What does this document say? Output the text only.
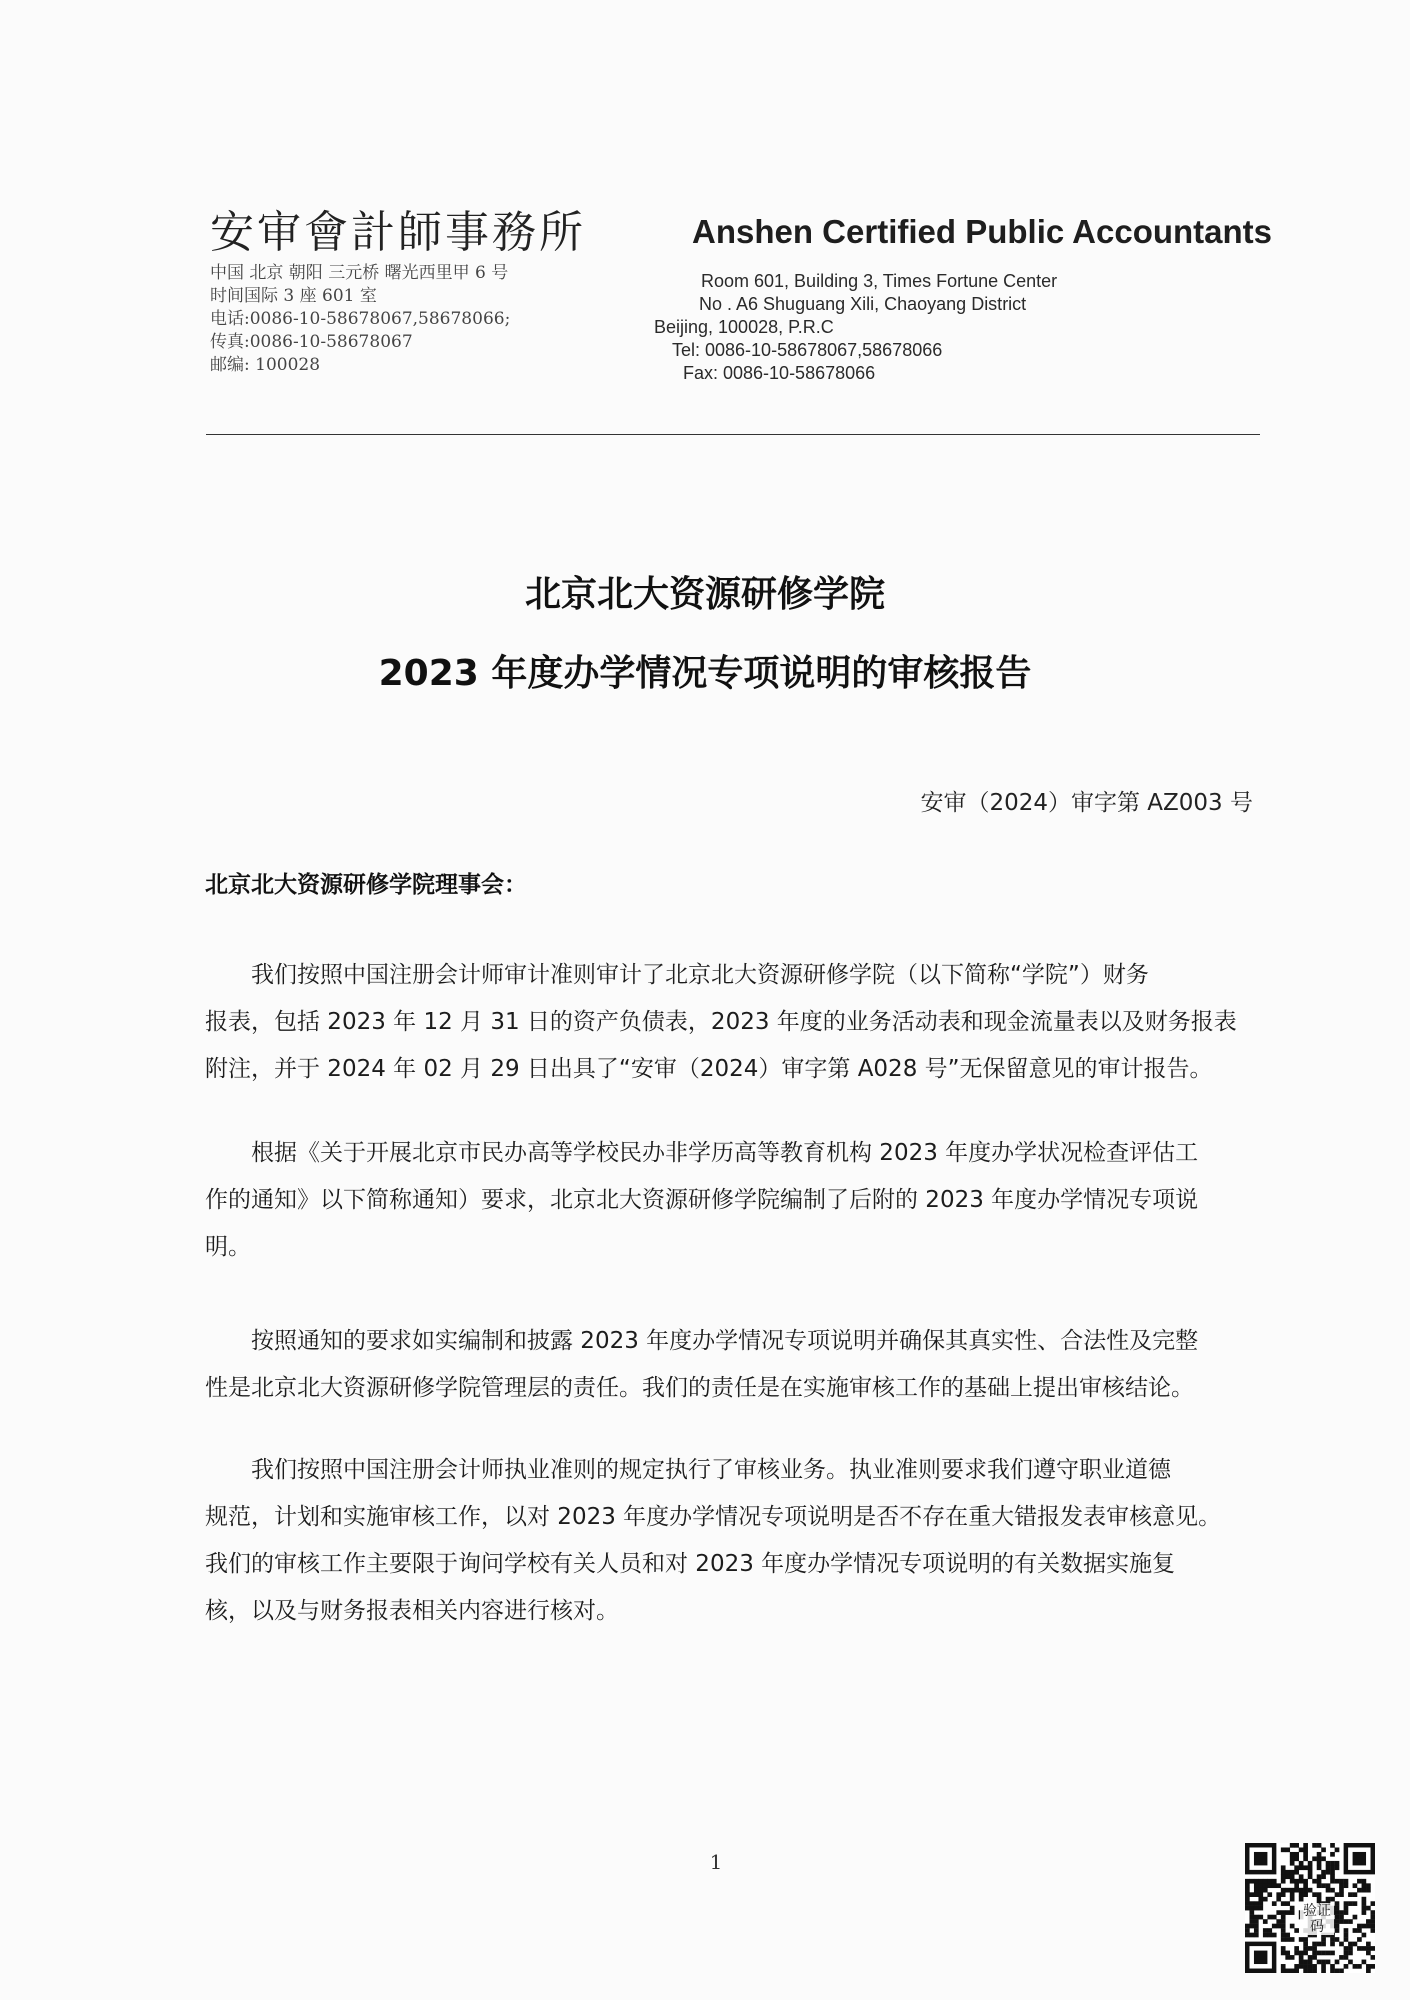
安审會計師事務所	Anshen Certified Public Accountants
中国 北京 朝阳 三元桥 曙光西里甲 6 号
时间国际 3 座 601 室
电话:0086-10-58678067,58678066;
传真:0086-10-58678067
邮编: 100028
Room 601, Building 3, Times Fortune Center
No . A6 Shuguang Xili, Chaoyang District
Beijing, 100028, P.R.C
Tel: 0086-10-58678067,58678066
Fax: 0086-10-58678066
北京北大资源研修学院
2023 年度办学情况专项说明的审核报告
安审（2024）审字第 AZ003 号
北京北大资源研修学院理事会：
我们按照中国注册会计师审计准则审计了北京北大资源研修学院（以下简称“学院”）财务
报表，包括 2023 年 12 月 31 日的资产负债表，2023 年度的业务活动表和现金流量表以及财务报表
附注，并于 2024 年 02 月 29 日出具了“安审（2024）审字第 A028 号”无保留意见的审计报告。
根据《关于开展北京市民办高等学校民办非学历高等教育机构 2023 年度办学状况检查评估工
作的通知》以下简称通知）要求，北京北大资源研修学院编制了后附的 2023 年度办学情况专项说
明。
按照通知的要求如实编制和披露 2023 年度办学情况专项说明并确保其真实性、合法性及完整
性是北京北大资源研修学院管理层的责任。我们的责任是在实施审核工作的基础上提出审核结论。
我们按照中国注册会计师执业准则的规定执行了审核业务。执业准则要求我们遵守职业道德
规范，计划和实施审核工作，以对 2023 年度办学情况专项说明是否不存在重大错报发表审核意见。
我们的审核工作主要限于询问学校有关人员和对 2023 年度办学情况专项说明的有关数据实施复
核，以及与财务报表相关内容进行核对。
1
验证码
